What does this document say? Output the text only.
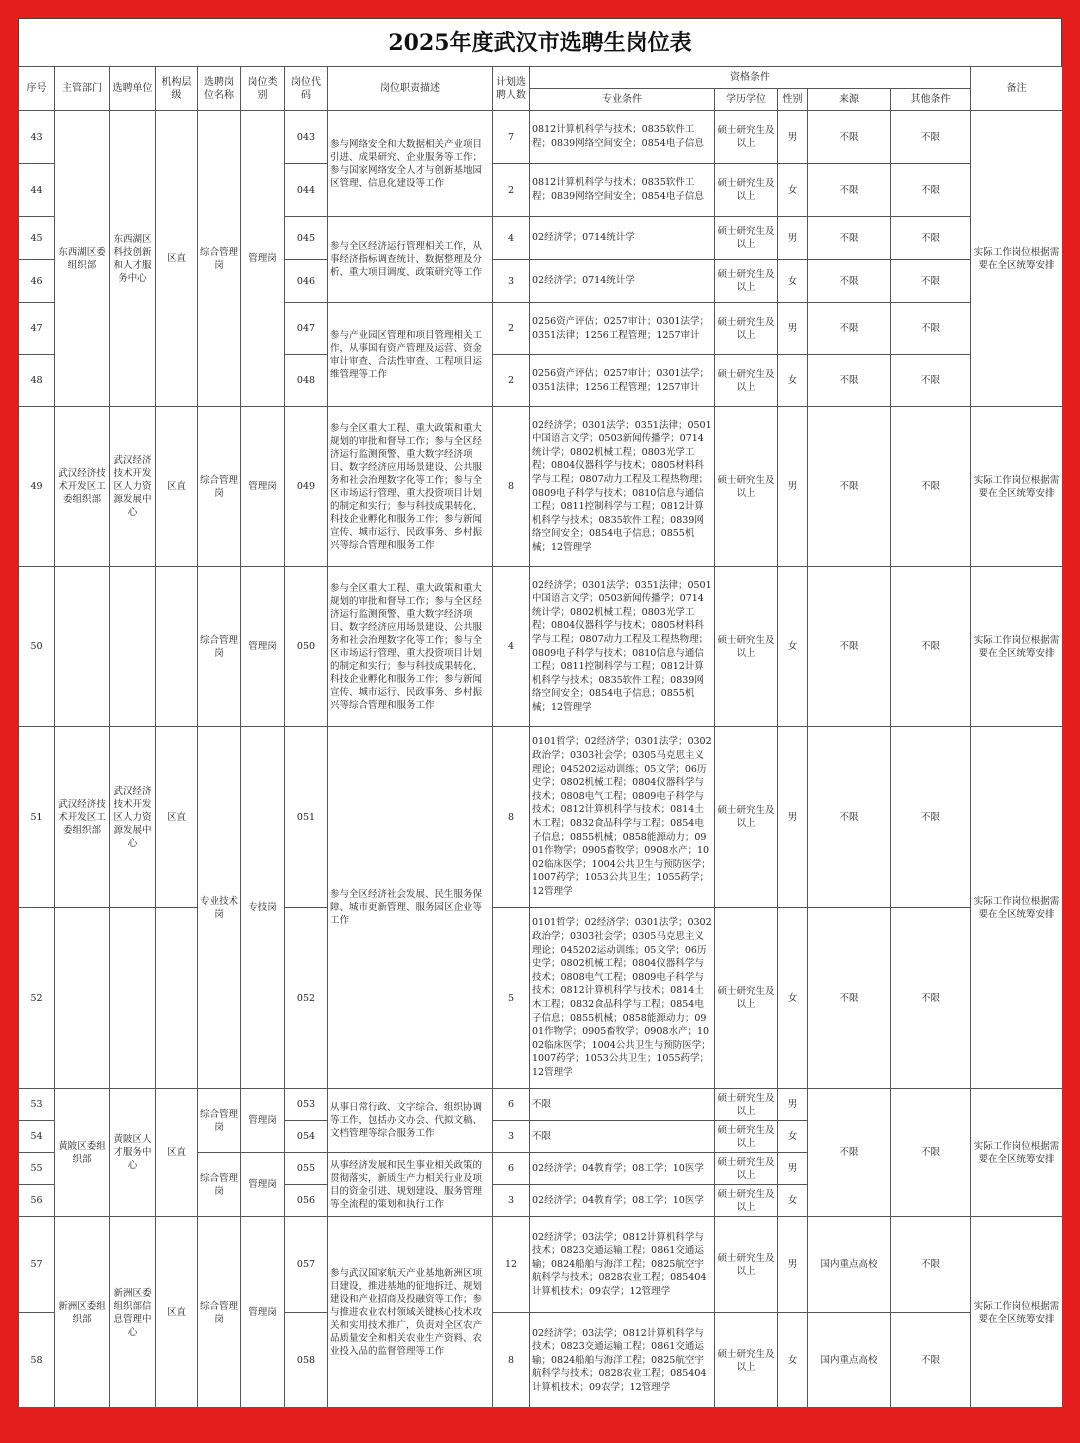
2025年度武汉市选聘生岗位表
序号	主管部门	选聘单位	机构层级	选聘岗位名称	岗位类别	岗位代码	岗位职责描述	计划选聘人数	资格条件					备注
									专业条件	学历学位	性别	来源	其他条件	
43	东西湖区委组织部	东西湖区科技创新和人才服务中心	区直	综合管理岗	管理岗	043	参与网络安全和大数据相关产业项目引进、成果研究、企业服务等工作；参与国家网络安全人才与创新基地园区管理、信息化建设等工作	7	0812计算机科学与技术；0835软件工程；0839网络空间安全；0854电子信息	硕士研究生及以上	男	不限	不限	实际工作岗位根据需要在全区统筹安排
44						044		2	0812计算机科学与技术；0835软件工程；0839网络空间安全；0854电子信息	硕士研究生及以上	女	不限	不限	
45						045	参与全区经济运行管理相关工作，从事经济指标调查统计、数据整理及分析、重大项目调度、政策研究等工作	4	02经济学；0714统计学	硕士研究生及以上	男	不限	不限	
46						046		3	02经济学；0714统计学	硕士研究生及以上	女	不限	不限	
47						047	参与产业园区管理和项目管理相关工作，从事国有资产管理及运营、资金审计审查、合法性审查、工程项目运维管理等工作	2	0256资产评估；0257审计；0301法学；0351法律；1256工程管理；1257审计	硕士研究生及以上	男	不限	不限	
48						048		2	0256资产评估；0257审计；0301法学；0351法律；1256工程管理；1257审计	硕士研究生及以上	女	不限	不限	
49	武汉经济技术开发区工委组织部	武汉经济技术开发区人力资源发展中心	区直	综合管理岗	管理岗	049	参与全区重大工程、重大政策和重大规划的审批和督导工作；参与全区经济运行监测预警、重大数字经济项目、数字经济应用场景建设、公共服务和社会治理数字化等工作；参与全区市场运行管理、重大投资项目计划的制定和实行；参与科技成果转化、科技企业孵化和服务工作；参与新闻宣传、城市运行、民政事务、乡村振兴等综合管理和服务工作	8	02经济学；0301法学；0351法律；0501中国语言文学；0503新闻传播学；0714统计学；0802机械工程；0803光学工程；0804仪器科学与技术；0805材料科学与工程；0807动力工程及工程热物理；0809电子科学与技术；0810信息与通信工程；0811控制科学与工程；0812计算机科学与技术；0835软件工程；0839网络空间安全；0854电子信息；0855机械；12管理学	硕士研究生及以上	男	不限	不限	实际工作岗位根据需要在全区统筹安排
50				综合管理岗	管理岗	050	参与全区重大工程、重大政策和重大规划的审批和督导工作；参与全区经济运行监测预警、重大数字经济项目、数字经济应用场景建设、公共服务和社会治理数字化等工作；参与全区市场运行管理、重大投资项目计划的制定和实行；参与科技成果转化、科技企业孵化和服务工作；参与新闻宣传、城市运行、民政事务、乡村振兴等综合管理和服务工作	4	02经济学；0301法学；0351法律；0501中国语言文学；0503新闻传播学；0714统计学；0802机械工程；0803光学工程；0804仪器科学与技术；0805材料科学与工程；0807动力工程及工程热物理；0809电子科学与技术；0810信息与通信工程；0811控制科学与工程；0812计算机科学与技术；0835软件工程；0839网络空间安全；0854电子信息；0855机械；12管理学	硕士研究生及以上	女	不限	不限	实际工作岗位根据需要在全区统筹安排
51	武汉经济技术开发区工委组织部	武汉经济技术开发区人力资源发展中心	区直	专业技术岗	专技岗	051	参与全区经济社会发展、民生服务保障、城市更新管理、服务园区企业等工作	8	0101哲学；02经济学；0301法学；0302政治学；0303社会学；0305马克思主义理论；045202运动训练；05文学；06历史学；0802机械工程；0804仪器科学与技术；0808电气工程；0809电子科学与技术；0812计算机科学与技术；0814土木工程；0832食品科学与工程；0854电子信息；0855机械；0858能源动力；0901作物学；0905畜牧学；0908水产；1002临床医学；1004公共卫生与预防医学；1007药学；1053公共卫生；1055药学；12管理学	硕士研究生及以上	男	不限	不限	实际工作岗位根据需要在全区统筹安排
52						052		5	0101哲学；02经济学；0301法学；0302政治学；0303社会学；0305马克思主义理论；045202运动训练；05文学；06历史学；0802机械工程；0804仪器科学与技术；0808电气工程；0809电子科学与技术；0812计算机科学与技术；0814土木工程；0832食品科学与工程；0854电子信息；0855机械；0858能源动力；0901作物学；0905畜牧学；0908水产；1002临床医学；1004公共卫生与预防医学；1007药学；1053公共卫生；1055药学；12管理学	硕士研究生及以上	女	不限	不限	
53	黄陂区委组织部	黄陂区人才服务中心	区直	综合管理岗	管理岗	053	从事日常行政、文字综合、组织协调等工作，包括办文办会、代拟文稿、文档管理等综合服务工作	6	不限	硕士研究生及以上	男	不限	不限	实际工作岗位根据需要在全区统筹安排
54						054		3	不限	硕士研究生及以上	女			
55				综合管理岗	管理岗	055	从事经济发展和民生事业相关政策的贯彻落实，新质生产力相关行业及项目的资金引进、规划建设、服务管理等全流程的策划和执行工作	6	02经济学；04教育学；08工学；10医学	硕士研究生及以上	男			
56						056		3	02经济学；04教育学；08工学；10医学	硕士研究生及以上	女			
57	新洲区委组织部	新洲区委组织部信息管理中心	区直	综合管理岗	管理岗	057	参与武汉国家航天产业基地新洲区项目建设，推进基地的征地拆迁、规划建设和产业招商及投融资等工作；参与推进农业农村领域关键核心技术攻关和实用技术推广，负责对全区农产品质量安全和相关农业生产资料、农业投入品的监督管理等工作	12	02经济学；03法学；0812计算机科学与技术；0823交通运输工程；0861交通运输；0824船舶与海洋工程；0825航空宇航科学与技术；0828农业工程；085404计算机技术；09农学；12管理学	硕士研究生及以上	男	国内重点高校	不限	实际工作岗位根据需要在全区统筹安排
58						058		8	02经济学；03法学；0812计算机科学与技术；0823交通运输工程；0861交通运输；0824船舶与海洋工程；0825航空宇航科学与技术；0828农业工程；085404计算机技术；09农学；12管理学	硕士研究生及以上	女	国内重点高校	不限	
